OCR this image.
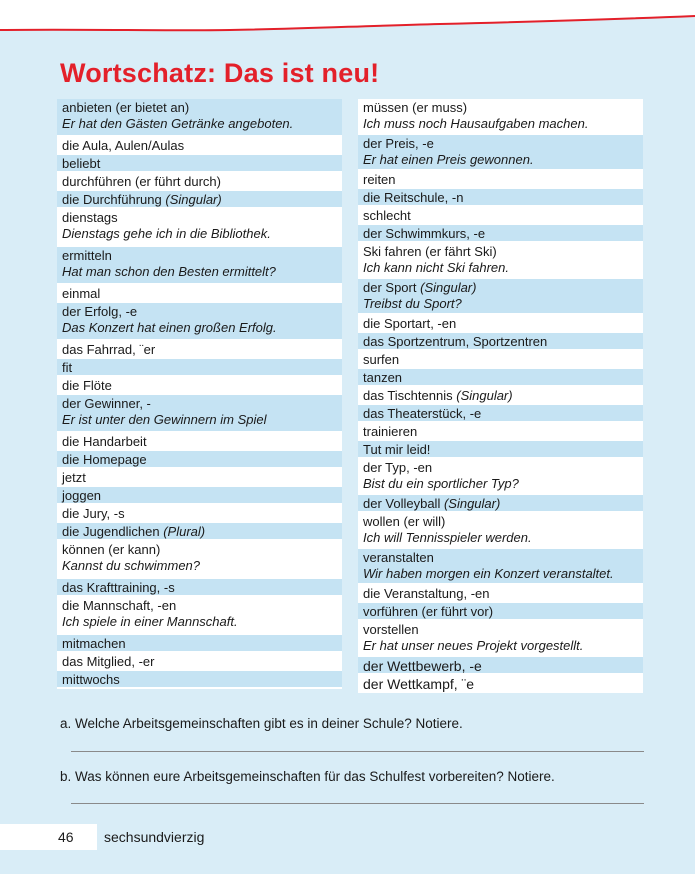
Wortschatz: Das ist neu!
anbieten (er bietet an)
Er hat den Gästen Getränke angeboten.
die Aula, Aulen/Aulas
beliebt
durchführen (er führt durch)
die Durchführung (Singular)
dienstags
Dienstags gehe ich in die Bibliothek.
ermitteln
Hat man schon den Besten ermittelt?
einmal
der Erfolg, -e
Das Konzert hat einen großen Erfolg.
das Fahrrad, ¨er
fit
die Flöte
der Gewinner, -
Er ist unter den Gewinnern im Spiel
die Handarbeit
die Homepage
jetzt
joggen
die Jury, -s
die Jugendlichen (Plural)
können (er kann)
Kannst du schwimmen?
das Krafttraining, -s
die Mannschaft, -en
Ich spiele in einer Mannschaft.
mitmachen
das Mitglied, -er
mittwochs
müssen (er muss)
Ich muss noch Hausaufgaben machen.
der Preis, -e
Er hat einen Preis gewonnen.
reiten
die Reitschule, -n
schlecht
der Schwimmkurs, -e
Ski fahren (er fährt Ski)
Ich kann nicht Ski fahren.
der Sport (Singular)
Treibst du Sport?
die Sportart, -en
das Sportzentrum, Sportzentren
surfen
tanzen
das Tischtennis (Singular)
das Theaterstück, -e
trainieren
Tut mir leid!
der Typ, -en
Bist du ein sportlicher Typ?
der Volleyball (Singular)
wollen (er will)
Ich will Tennisspieler werden.
veranstalten
Wir haben morgen ein Konzert veranstaltet.
die Veranstaltung, -en
vorführen (er führt vor)
vorstellen
Er hat unser neues Projekt vorgestellt.
der Wettbewerb, -e
der Wettkampf, ¨e

a. Welche Arbeitsgemeinschaften gibt es in deiner Schule? Notiere.

b. Was können eure Arbeitsgemeinschaften für das Schulfest vorbereiten? Notiere.

46 sechsundvierzig
